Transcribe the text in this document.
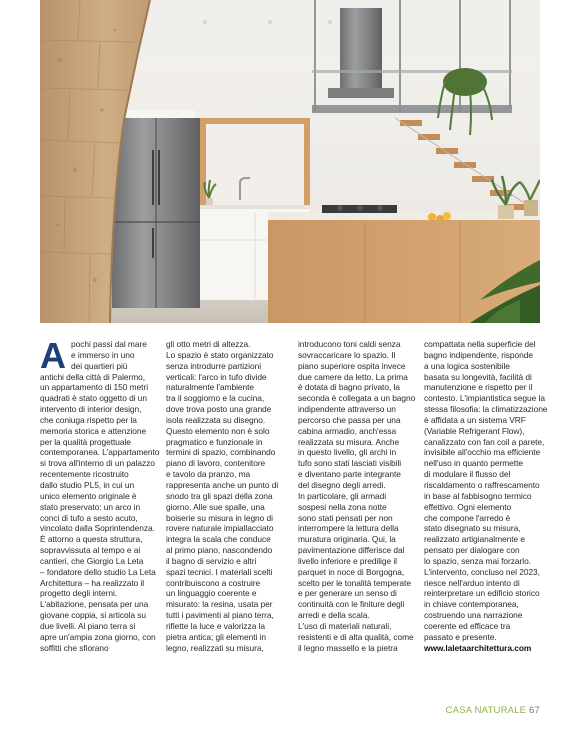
A pochi passi dal mare
e immerso in uno
dei quartieri più
antichi della città di Palermo,
un appartamento di 150 metri
quadrati è stato oggetto di un
intervento di interior design,
che coniuga rispetto per la
memoria storica e attenzione
per la qualità progettuale
contemporanea. L'appartamento
si trova all'interno di un palazzo
recentemente ricostruito
dallo studio PL5, in cui un
unico elemento originale è
stato preservato: un arco in
conci di tufo a sesto acuto,
vincolato dalla Soprintendenza.
È attorno a questa struttura,
sopravvissuta al tempo e ai
cantieri, che Giorgio La Leta
– fondatore dello studio La Leta
Architettura – ha realizzato il
progetto degli interni.
L'abitazione, pensata per una
giovane coppia, si articola su
due livelli. Al piano terra si
apre un'ampia zona giorno, con
soffitti che sfiorano
gli otto metri di altezza.
Lo spazio è stato organizzato
senza introdurre partizioni
verticali: l'arco in tufo divide
naturalmente l'ambiente
tra il soggiorno e la cucina,
dove trova posto una grande
isola realizzata su disegno.
Questo elemento non è solo
pragmatico e funzionale in
termini di spazio, combinando
piano di lavoro, contenitore
e tavolo da pranzo, ma
rappresenta anche un punto di
snodo tra gli spazi della zona
giorno. Alle sue spalle, una
boiserie su misura in legno di
rovere naturale impiallacciato
integra la scala che conduce
al primo piano, nascondendo
il bagno di servizio e altri
spazi tecnici. I materiali scelti
contribuiscono a costruire
un linguaggio coerente e
misurato: la resina, usata per
tutti i pavimenti al piano terra,
riflette la luce e valorizza la
pietra antica; gli elementi in
legno, realizzati su misura,
introducono toni caldi senza
sovraccaricare lo spazio. Il
piano superiore ospita invece
due camere da letto. La prima
è dotata di bagno privato, la
seconda è collegata a un bagno
indipendente attraverso un
percorso che passa per una
cabina armadio, anch'essa
realizzata su misura. Anche
in questo livello, gli archi in
tufo sono stati lasciati visibili
e diventano parte integrante
del disegno degli arredi.
In particolare, gli armadi
sospesi nella zona notte
sono stati pensati per non
interrompere la lettura della
muratura originaria. Qui, la
pavimentazione differisce dal
livello inferiore e predilige il
parquet in noce di Borgogna,
scelto per le tonalità temperate
e per generare un senso di
continuità con le finiture degli
arredi e della scala.
L'uso di materiali naturali,
resistenti e di alta qualità, come
il legno massello e la pietra
compattata nella superficie del
bagno indipendente, risponde
a una logica sostenibile
basata su longevità, facilità di
manutenzione e rispetto per il
contesto. L'impiantistica segue la
stessa filosofia: la climatizzazione
è affidata a un sistema VRF
(Variable Refrigerant Flow),
canalizzato con fan coil a parete,
invisibile all'occhio ma efficiente
nell'uso in quanto permette
di modulare il flusso del
riscaldamento o raffrescamento
in base al fabbisogno termico
effettivo. Ogni elemento
che compone l'arredo è
stato disegnato su misura,
realizzato artigianalmente e
pensato per dialogare con
lo spazio, senza mai forzarlo.
L'intervento, concluso nel 2023,
riesce nell'arduo intento di
reinterpretare un edificio storico
in chiave contemporanea,
costruendo una narrazione
coerente ed efficace tra
passato e presente.
www.laletaarchitettura.com
CASA NATURALE 67
